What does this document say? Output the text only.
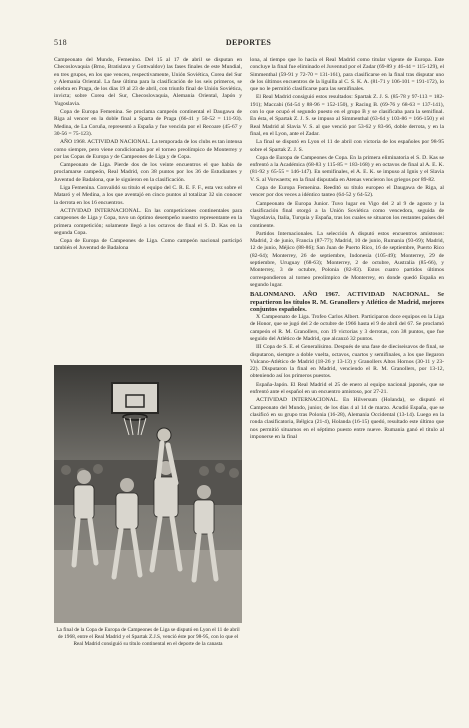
518	DEPORTES

Campeonato del Mundo, Femenino. Del 15 al 17 de abril se disputan en Checoslovaquia (Brno, Bratislava y Gottwaldov) las fases finales de este Mundial, en tres grupos, en los que vencen, respectivamente, Unión Soviética, Corea del Sur y Alemania Oriental. La fase última para la clasificación de los seis primeros, se celebra en Praga, de los días 19 al 23 de abril, con triunfo final de Unión Soviética, invicta; sobre Corea del Sur, Checoslovaquia, Alemania Oriental, Japón y Yugoslavia.

Copa de Europa Femenina. Se proclama campeón continental el Daugawa de Riga al vencer en la doble final a Sparta de Praga (66-41 y 50-52 = 111-93). Medina, de La Coruña, representó a España y fue vencida por el Recoare (45-67 y 30-56 = 75-123).

AÑO 1968. ACTIVIDAD NACIONAL. La temporada de los clubs es tan intensa como siempre, pero viene condicionada por el torneo preolímpico de Monterrey y por las Copas de Europa y de Campeones de Liga y de Copa.

Campeonato de Liga. Pierde dos de los veinte encuentros el que había de proclamarse campeón, Real Madrid, con 38 puntos por los 36 de Estudiantes y Juventud de Badalona, que le siguieron en la clasificación.

Liga Femenina. Convalidó su título el equipo del C. R. E. F. F., esta vez sobre el Mataró y el Medina, a los que aventajó en cinco puntos al totalizar 32 sin conocer la derrota en los 16 encuentros.

ACTIVIDAD INTERNACIONAL. En las competiciones continentales para campeones de Liga y Copa, tuvo un óptimo desempeño nuestro representante en la primera competición; solamente llegó a los octavos de final el S. D. Kas en la segunda Copa.

Copa de Europa de Campeones de Liga. Como campeón nacional participó también el Juventud de Badalona

La final de la Copa de Europa de Campeones de Liga se disputó en Lyon el 11 de abril de 1968, entre el Real Madrid y el Spartak Z.J.S, venció éste por 98-95, con lo que el Real Madrid consiguió su título continental en el deporte de la canasta

lona, al tiempo que lo hacía el Real Madrid como titular vigente de Europa. Este concluye la final fue eliminado el Juventud por el Zadar (69-89 y 46-44 = 115-129), el Simmenthal (59-91 y 72-70 = 131-161), para clasificarse en la final tras disputar uno de los últimos encuentros de la liguilla al C. S. K. A. (81-71 y 106-101 = 191-172), lo que no le permitió clasificarse para las semifinales.

El Real Madrid consiguió estos resultados: Spartak Z. J. S. (85-78 y 97-113 = 182-191); Maccabi (64-54 y 88-96 = 152-150), y Racing B. (69-76 y 68-63 = 137-141), con lo que ocupó el segundo puesto en el grupo B y se clasificaba para la semifinal. En ésta, el Spartak Z. J. S. se impuso al Simmenthal (63-64 y 103-86 = 166-150) y el Real Madrid al Slavia V. S. al que venció por 53-62 y 83-66, doble derrota, y en la final, en el Lyon, ante el Zadar.

La final se disputó en Lyon el 11 de abril con victoria de los españoles por 98-95 sobre el Spartak Z. J. S.

Copa de Europa de Campeones de Copa. En la primera eliminatoria el S. D. Kas se enfrentó a la Académica (68-83 y 115-85 = 183-168) y en octavos de final al A. E. K. (81-92 y 65-55 = 146-147). En semifinales, el A. E. K. se impuso al Ignis y el Slavia V. S. al Vorwaerts; en la final disputada en Atenas vencieron los griegos por 89-82.

Copa de Europa Femenina. Reeditó su título europeo el Daugawa de Riga, al vencer por dos veces a idéntico tanteo (64-52 y 64-52).

Campeonato de Europa Junior. Tuvo lugar en Vigo del 2 al 9 de agosto y la clasificación final otorgó a la Unión Soviética como vencedora, seguida de Yugoslavia, Italia, Turquía y España, tras los cuales se situaron los restantes países del continente.

Partidos Internacionales. La selección A disputó estos encuentros amistosos: Madrid, 2 de junio, Francia (87-77); Madrid, 10 de junio, Rumania (93-69); Madrid, 12 de junio, Méjico (88-86); San Juan de Puerto Rico, 16 de septiembre, Puerto Rico (82-64); Monterrey, 26 de septiembre, Indonesia (105-49); Monterrey, 29 de septiembre, Uruguay (68-63); Monterrey, 2 de octubre, Australia (85-66), y Monterrey, 3 de octubre, Polonia (82-83). Estos cuatro partidos últimos correspondieron al torneo preolímpico de Monterrey, en donde quedó España en segundo lugar.

BALONMANO. AÑO 1967. ACTIVIDAD NACIONAL. Se repartieron los títulos R. M. Granollers y Atlético de Madrid, mejores conjuntos españoles.

X Campeonato de Liga. Trofeo Carlos Albert. Participaron doce equipos en la Liga de Honor, que se jugó del 2 de octubre de 1966 hasta el 9 de abril del 67. Se proclamó campeón el R. M. Granollers, con 19 victorias y 3 derrotas, con 38 puntos, que fue seguido del Atlético de Madrid, que alcanzó 32 puntos.

III Copa de S. E. el Generalísimo. Después de una fase de dieciseisavos de final, se disputaron, siempre a doble vuelta, octavos, cuartos y semifinales, a los que llegaron Vulcano-Atlético de Madrid (18-26 y 13-13) y Granollers Altos Hornos (30-11 y 23-22). Disputaron la final en Madrid, venciendo el R. M. Granollers, por 13-12, obteniendo así los primeros puestos.

España-Japón. El Real Madrid el 25 de enero al equipo nacional japonés, que se enfrentó ante el español en un encuentro amistoso, por 27-21.

ACTIVIDAD INTERNACIONAL. En Hilversum (Holanda), se disputó el Campeonato del Mundo, junior, de los días 4 al 14 de marzo. Acudió España, que se clasificó en su grupo tras Polonia (16-28), Alemania Occidental (13-14). Luego en la ronda clasificatoria, Bélgica (21-4), Holanda (16-15) quedó, resultado este último que nos permitió situarnos en el séptimo puesto entre nueve. Rumania ganó el título al imponerse en la final
